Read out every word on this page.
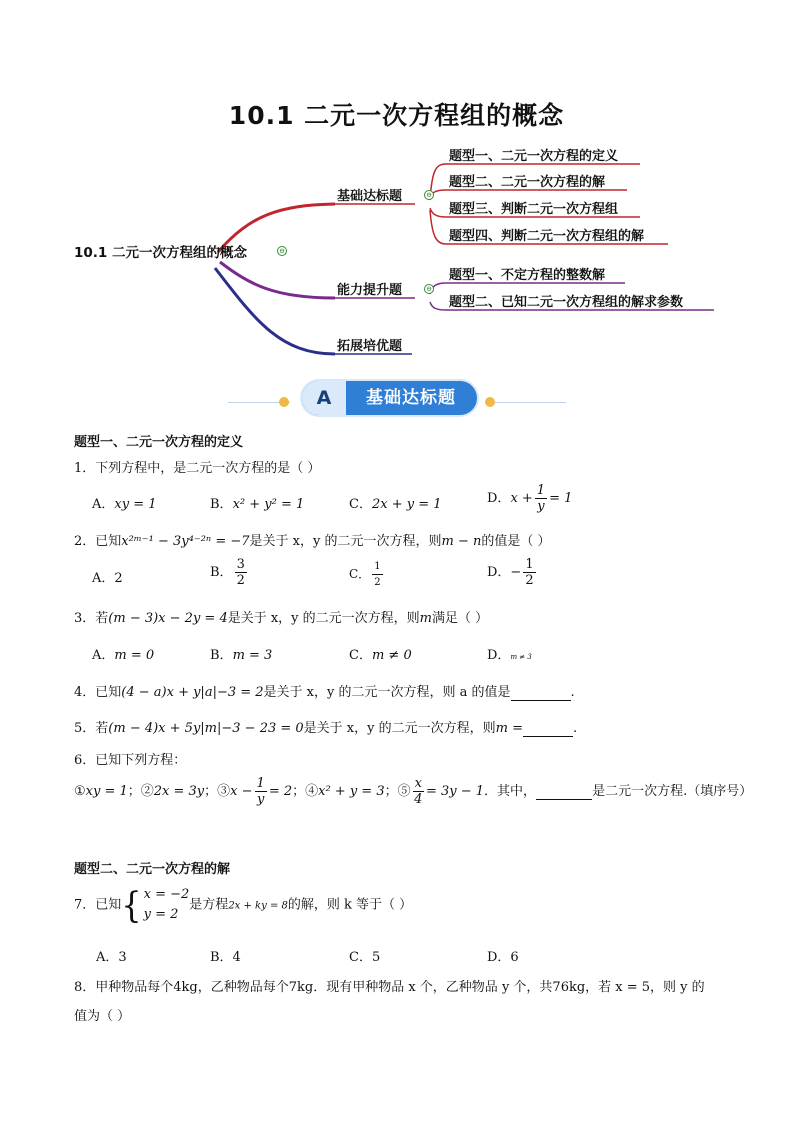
10.1 二元一次方程组的概念
10.1 二元一次方程组的概念	⊖
基础达标题	⊖
题型一、二元一次方程的定义
题型二、二元一次方程的解
题型三、判断二元一次方程组
题型四、判断二元一次方程组的解
能力提升题	⊖
题型一、不定方程的整数解
题型二、已知二元一次方程组的解求参数
拓展培优题
A	基础达标题
题型一、二元一次方程的定义
1．下列方程中，是二元一次方程的是（ ）
A．xy = 1	B．x² + y² = 1	C．2x + y = 1	D．$x + \frac{1}{y} = 1$
2．已知x²ᵐ⁻¹ − 3y⁴⁻²ⁿ = −7是关于 x，y 的二元一次方程，则m − n的值是（ ）
A．2	B． $\frac{3}{2}$	C． $\frac{1}{2}$	D．− $\frac{1}{2}$
3．若(m − 3)x − 2y = 4是关于 x，y 的二元一次方程，则m满足（ ）
A．m = 0	B．m = 3	C．m ≠ 0	D．m ≠ 3
4．已知(4 − a)x + y|a|−3 = 2是关于 x，y 的二元一次方程，则 a 的值是	.
5．若(m − 4)x + 5y|m|−3 − 23 = 0是关于 x，y 的二元一次方程，则m =	.
6．已知下列方程：
①xy = 1；②2x = 3y；③x − $\frac{1}{y} = 2$；④x² + y = 3；⑤ $\frac{x}{4} = 3y - 1$．其中，	是二元一次方程.（填序号）
题型二、二元一次方程的解
7．已知{ x = −2
y = 2
是方程2x + ky = 8的解，则 k 等于（ ）
A．3	B．4	C．5	D．6
8．甲种物品每个4kg，乙种物品每个7kg．现有甲种物品 x 个，乙种物品 y 个，共76kg，若 x = 5，则 y 的
值为（ ）
